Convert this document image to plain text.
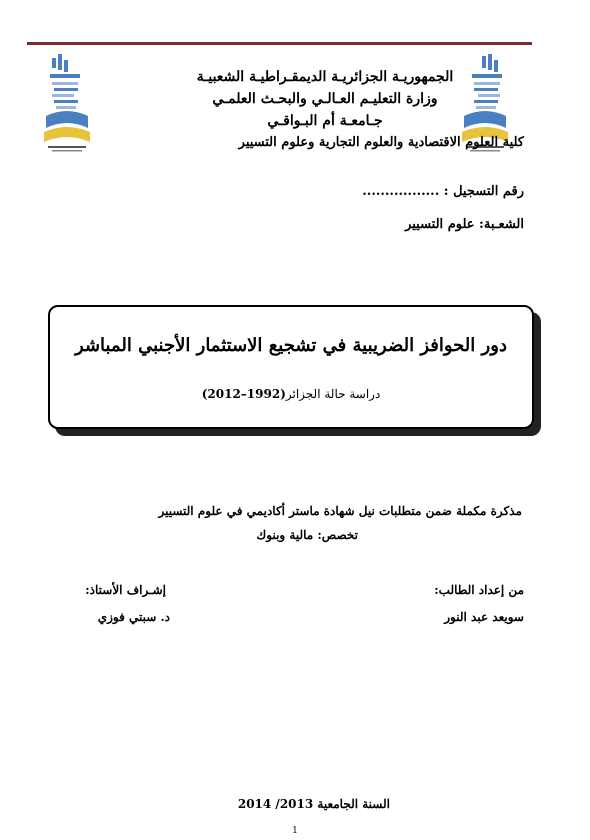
الجمهوريـة الجزائريـة الديمقـراطيـة الشعبيـة
وزارة التعليـم العـالـي والبحـث العلمـي
جـامعـة أم البـواقـي
كلية العلوم الاقتصادية والعلوم التجارية وعلوم التسيير
رقم التسجيل : .................
الشعـبة: علوم التسيير
دور الحوافز الضريبية في تشجيع الاستثمار الأجنبي المباشر
دراسة حالة الجزائر(1992–2012)
مذكرة مكملة ضمن متطلبات نيل شهادة ماستر أكاديمي في علوم التسيير
تخصص: مالية وبنوك
من إعداد الطالب:
سويعد عبد النور
إشـراف الأستاذ:
د. سبتي فوزي
السنة الجامعية 2013/ 2014
1
